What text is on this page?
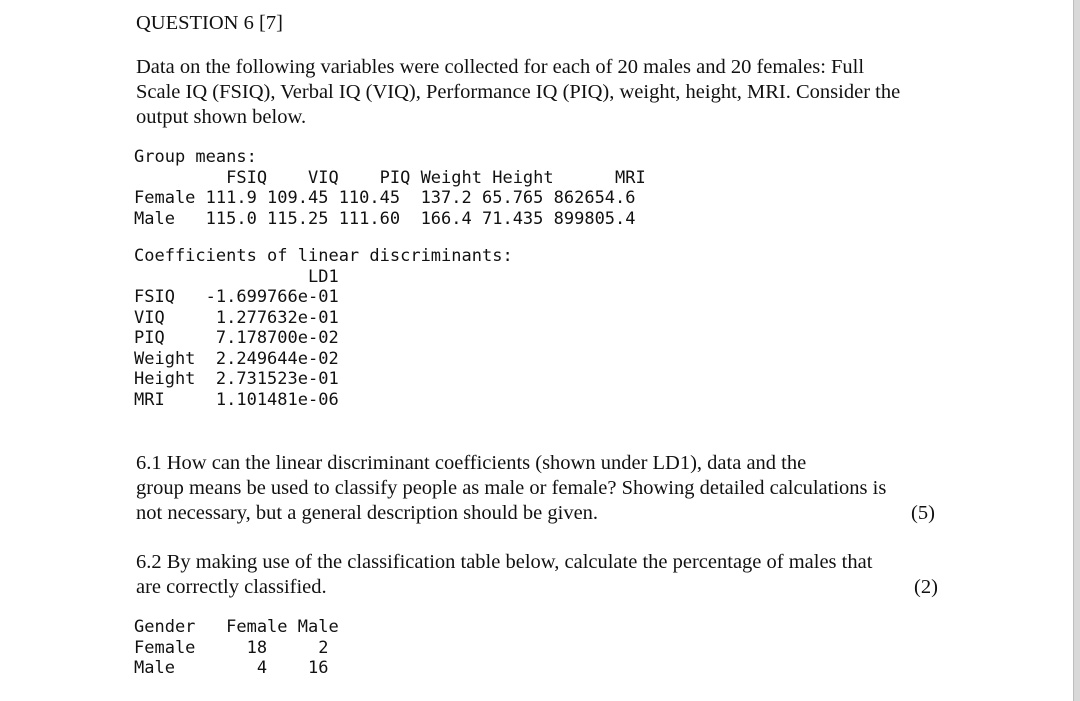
QUESTION 6 [7]
Data on the following variables were collected for each of 20 males and 20 females: Full
Scale IQ (FSIQ), Verbal IQ (VIQ), Performance IQ (PIQ), weight, height, MRI. Consider the
output shown below.
Group means:
FSIQ    VIQ    PIQ Weight Height      MRI
Female 111.9 109.45 110.45  137.2 65.765 862654.6
Male   115.0 115.25 111.60  166.4 71.435 899805.4
Coefficients of linear discriminants:
LD1
FSIQ   -1.699766e-01
VIQ     1.277632e-01
PIQ     7.178700e-02
Weight  2.249644e-02
Height  2.731523e-01
MRI     1.101481e-06
6.1 How can the linear discriminant coefficients (shown under LD1), data and the
group means be used to classify people as male or female? Showing detailed calculations is
not necessary, but a general description should be given.	(5)
6.2 By making use of the classification table below, calculate the percentage of males that
are correctly classified.	(2)
Gender   Female Male
Female     18     2
Male        4    16
